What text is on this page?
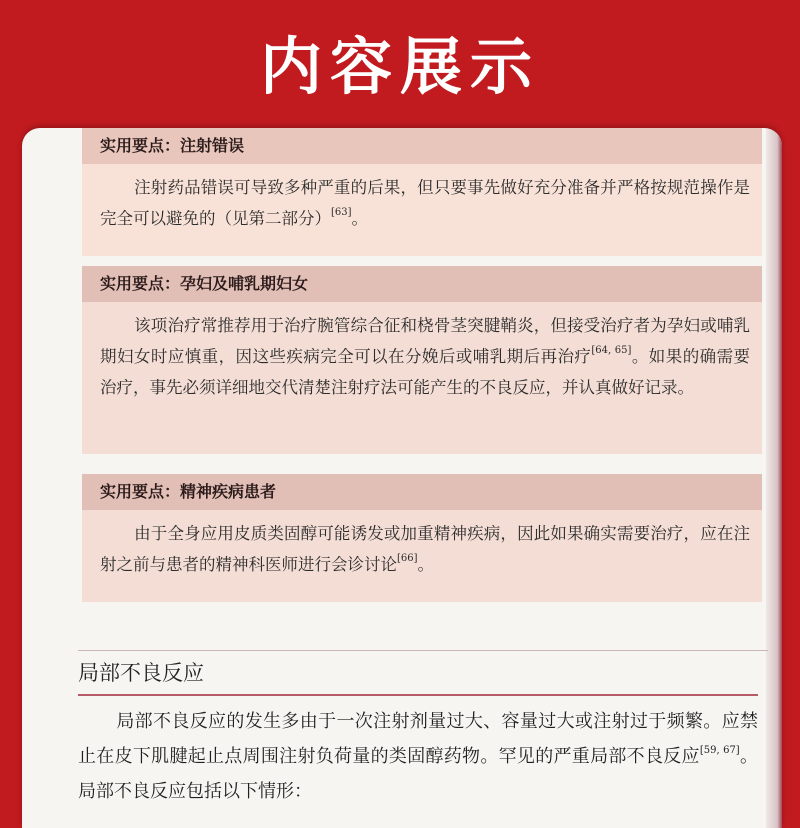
内容展示
实用要点：注射错误
注射药品错误可导致多种严重的后果，但只要事先做好充分准备并严格按规范操作是完全可以避免的（见第二部分）[63]。
实用要点：孕妇及哺乳期妇女
该项治疗常推荐用于治疗腕管综合征和桡骨茎突腱鞘炎，但接受治疗者为孕妇或哺乳期妇女时应慎重，因这些疾病完全可以在分娩后或哺乳期后再治疗[64, 65]。如果的确需要治疗，事先必须详细地交代清楚注射疗法可能产生的不良反应，并认真做好记录。
实用要点：精神疾病患者
由于全身应用皮质类固醇可能诱发或加重精神疾病，因此如果确实需要治疗，应在注射之前与患者的精神科医师进行会诊讨论[66]。
局部不良反应
局部不良反应的发生多由于一次注射剂量过大、容量过大或注射过于频繁。应禁止在皮下肌腱起止点周围注射负荷量的类固醇药物。罕见的严重局部不良反应[59, 67]。局部不良反应包括以下情形：
